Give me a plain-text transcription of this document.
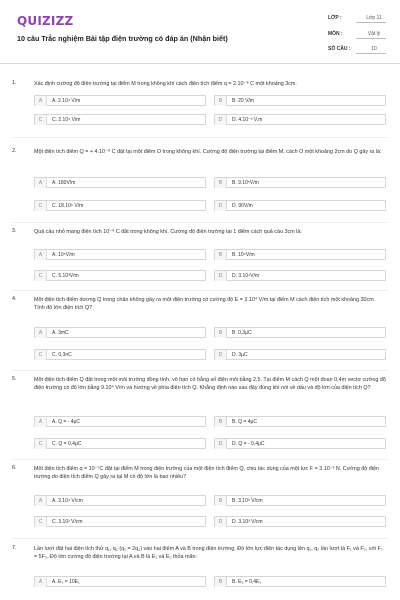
QUIZIZZ
10 câu Trắc nghiệm Bài tập điện trường có đáp án (Nhận biết)
LỚP :	Lớp 11
MÔN :	Vật lý
SỐ CÂU :	10
1.	Xác định cường độ điện trường tại điểm M trong không khí cách điện tích điểm q = 2.10⁻⁸ C một khoảng 3cm.
A	A. 2.10⁴ V/m	B	B. 20 V/m
C	C. 2.10⁵ V/m	D	D. 4.10⁻³ V.m
2.	Một điện tích điểm Q = + 4.10⁻⁸ C đặt tại một điểm O trong không khí. Cường độ điện trường tại điểm M, cách O một khoảng 2cm do Q gây ra là:
A	A. 180V/m	B	B. 9.10⁵V/m
C	C. 18.10⁵ V/m	D	D. 90V/m
3.	Quả cầu nhỏ mang điện tích 10⁻⁹ C đặt trong không khí. Cường độ điện trường tại 1 điểm cách quả cầu 3cm là:
A	A. 10⁵V/m	B	B. 10⁴V/m
C	C. 5.10³V/m	D	D. 3.10⁴V/m
4.	Một điện tích điểm dương Q trong chân không gây ra một điện trường có cường độ E = 3.10⁴ V/m tại điểm M cách điện tích một khoảng 30cm. Tính độ lớn điện tích Q?
A	A. 3mC	B	B. 0,3μC
C	C. 0,3nC	D	D. 3μC
5.	Một điện tích điểm Q đặt trong một môi trường đồng tính, vô hạn có hằng số điện môi bằng 2,5. Tại điểm M cách Q một đoạn 0,4m vectơ cường độ điện trường có độ lớn bằng 9.10⁴ V/m và hướng về phía điện tích Q. Khẳng định nào sau đây đúng khi nói về dấu và độ lớn của điện tích Q?
A	A. Q = - 4μC	B	B. Q = 4μC
C	C. Q = 0,4μC	D	D. Q = - 0,4μC
6.	Một điện tích điểm q = 10⁻⁷C đặt tại điểm M trong điện trường của một điện tích điểm Q, chịu tác dụng của một lực F = 3.10⁻³ N. Cường độ điện trường do điện tích điểm Q gây ra tại M có độ lớn là bao nhiêu?
A	A. 3.10⁴ V/cm	B	B. 3.10⁵ V/cm
C	C. 3.10² V/cm	D	D. 3.10³ V/cm
7.	Lần lượt đặt hai điện tích thử q₁, q₂ (q₁ = 2q₂) vào hai điểm A và B trong điện trường. Độ lớn lực điện tác dụng lên q₁, q₂ lần lượt là F₁ và F₂, với F₁ = 5F₂. Độ lớn cường độ điện trường tại A và B là E₁ và E₂ thỏa mãn:
A	A. E₂ = 10E₁	B	B. E₂ = 0,4E₁
